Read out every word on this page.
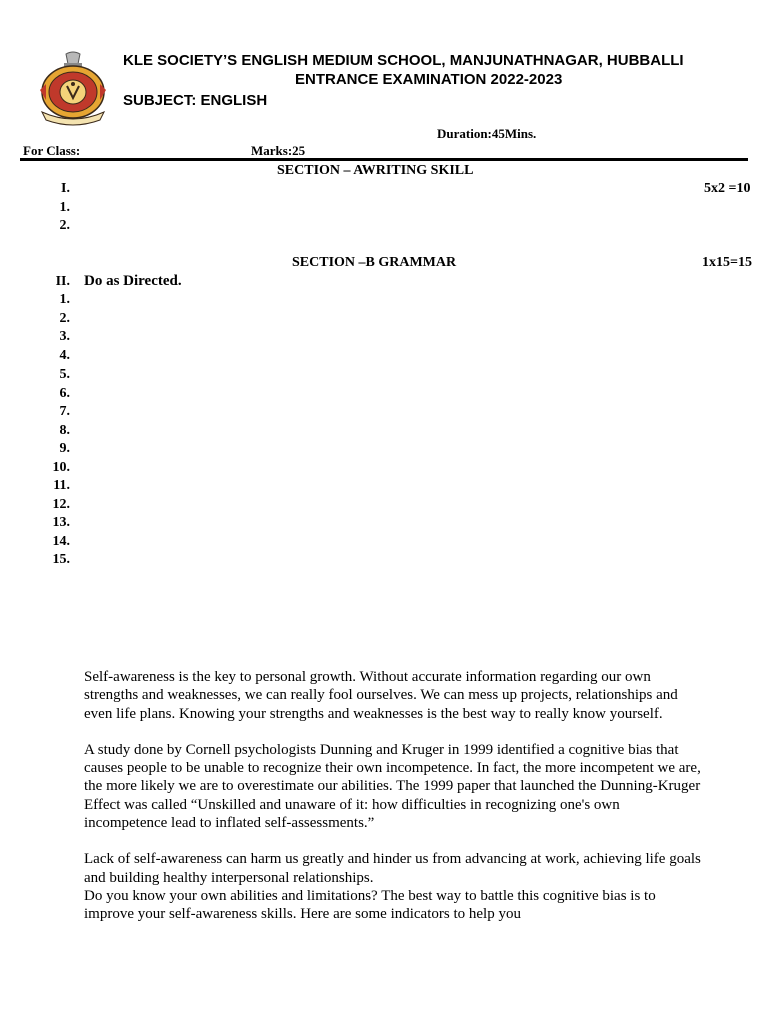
KLE SOCIETY’S ENGLISH MEDIUM SCHOOL, MANJUNATHNAGAR, HUBBALLI
ENTRANCE EXAMINATION 2022-2023
SUBJECT: ENGLISH
Duration:45Mins.
For Class:	Marks:25
SECTION – AWRITING SKILL
I.	5x2 =10
1.
2.
SECTION –B GRAMMAR	1x15=15
II. Do as Directed.
1.
2.
3.
4.
5.
6.
7.
8.
9.
10.
11.
12.
13.
14.
15.

Self-awareness is the key to personal growth. Without accurate information regarding our own strengths and weaknesses, we can really fool ourselves. We can mess up projects, relationships and even life plans. Knowing your strengths and weaknesses is the best way to really know yourself.

A study done by Cornell psychologists Dunning and Kruger in 1999 identified a cognitive bias that causes people to be unable to recognize their own incompetence. In fact, the more incompetent we are, the more likely we are to overestimate our abilities. The 1999 paper that launched the Dunning-Kruger Effect was called “Unskilled and unaware of it: how difficulties in recognizing one's own incompetence lead to inflated self-assessments.”

Lack of self-awareness can harm us greatly and hinder us from advancing at work, achieving life goals and building healthy interpersonal relationships.
Do you know your own abilities and limitations? The best way to battle this cognitive bias is to improve your self-awareness skills. Here are some indicators to help you
